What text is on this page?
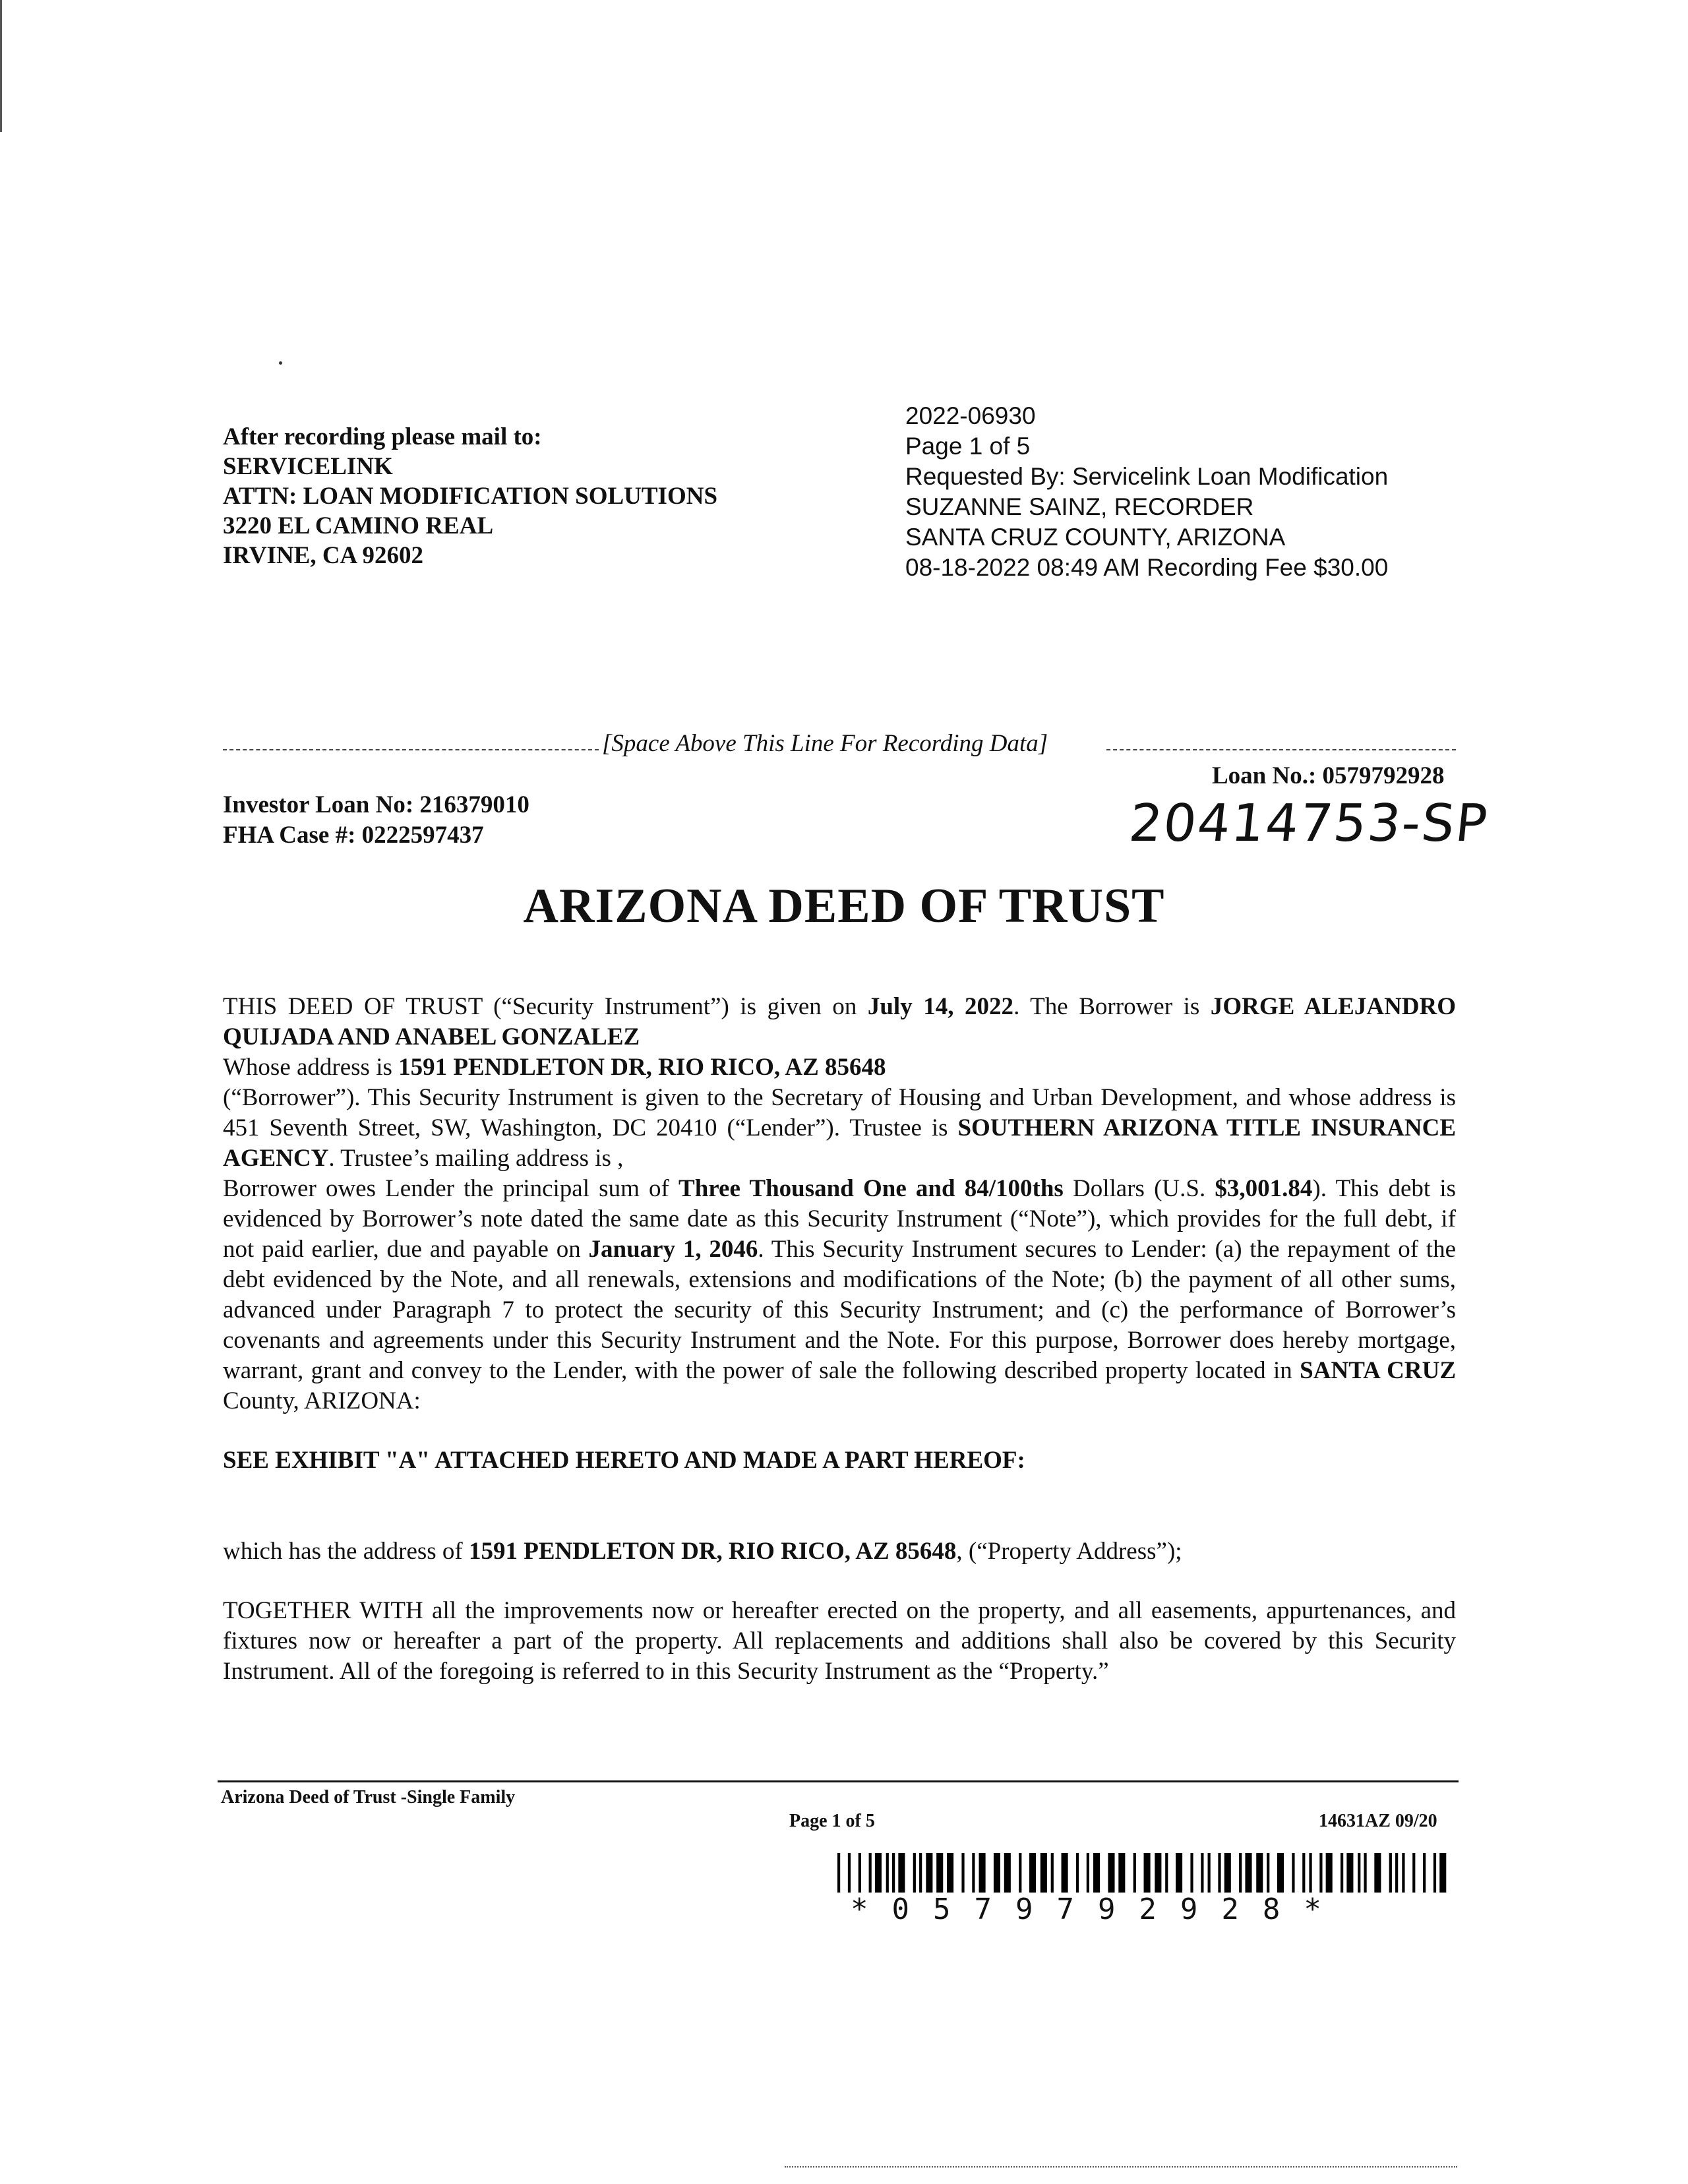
After recording please mail to:
SERVICELINK
ATTN: LOAN MODIFICATION SOLUTIONS
3220 EL CAMINO REAL
IRVINE, CA 92602
2022-06930
Page 1 of 5
Requested By: Servicelink Loan Modification
SUZANNE SAINZ, RECORDER
SANTA CRUZ COUNTY, ARIZONA
08-18-2022 08:49 AM Recording Fee $30.00
[Space Above This Line For Recording Data]
Loan No.: 0579792928
Investor Loan No: 216379010
FHA Case #: 0222597437	20414753-SP
ARIZONA DEED OF TRUST
THIS DEED OF TRUST (“Security Instrument”) is given on July 14, 2022. The Borrower is JORGE ALEJANDRO QUIJADA AND ANABEL GONZALEZ
Whose address is 1591 PENDLETON DR, RIO RICO, AZ 85648
(“Borrower”). This Security Instrument is given to the Secretary of Housing and Urban Development, and whose address is 451 Seventh Street, SW, Washington, DC 20410 (“Lender”). Trustee is SOUTHERN ARIZONA TITLE INSURANCE AGENCY. Trustee’s mailing address is ,
Borrower owes Lender the principal sum of Three Thousand One and 84/100ths Dollars (U.S. $3,001.84). This debt is evidenced by Borrower’s note dated the same date as this Security Instrument (“Note”), which provides for the full debt, if not paid earlier, due and payable on January 1, 2046. This Security Instrument secures to Lender: (a) the repayment of the debt evidenced by the Note, and all renewals, extensions and modifications of the Note; (b) the payment of all other sums, advanced under Paragraph 7 to protect the security of this Security Instrument; and (c) the performance of Borrower’s covenants and agreements under this Security Instrument and the Note. For this purpose, Borrower does hereby mortgage, warrant, grant and convey to the Lender, with the power of sale the following described property located in SANTA CRUZ County, ARIZONA:
SEE EXHIBIT "A" ATTACHED HERETO AND MADE A PART HEREOF:
which has the address of 1591 PENDLETON DR, RIO RICO, AZ 85648, (“Property Address”);
TOGETHER WITH all the improvements now or hereafter erected on the property, and all easements, appurtenances, and fixtures now or hereafter a part of the property. All replacements and additions shall also be covered by this Security Instrument. All of the foregoing is referred to in this Security Instrument as the “Property.”
Arizona Deed of Trust -Single Family
Page 1 of 5	14631AZ 09/20
*0579792928*
